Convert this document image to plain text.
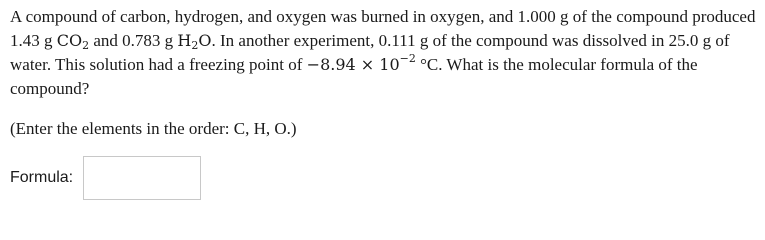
A compound of carbon, hydrogen, and oxygen was burned in oxygen, and 1.000 g of the compound produced 1.43 g $CO_2$ and 0.783 g $H_2O$. In another experiment, 0.111 g of the compound was dissolved in 25.0 g of water. This solution had a freezing point of $-8.94 \times 10^{-2}$ °C. What is the molecular formula of the compound?

(Enter the elements in the order: C, H, O.)

Formula:
